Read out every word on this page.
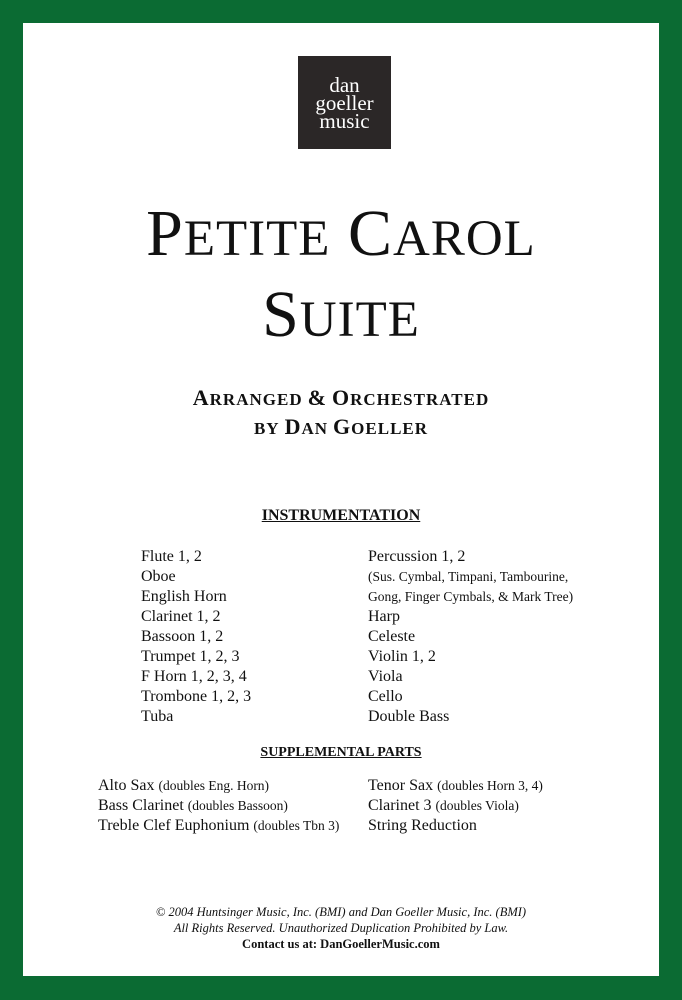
dan
goeller
music
PETITE CAROL
SUITE
ARRANGED & ORCHESTRATED
BY DAN GOELLER
INSTRUMENTATION
Flute 1, 2
Oboe
English Horn
Clarinet 1, 2
Bassoon 1, 2
Trumpet 1, 2, 3
F Horn 1, 2, 3, 4
Trombone 1, 2, 3
Tuba
Percussion 1, 2
(Sus. Cymbal, Timpani, Tambourine,
Gong, Finger Cymbals, & Mark Tree)
Harp
Celeste
Violin 1, 2
Viola
Cello
Double Bass
SUPPLEMENTAL PARTS
Alto Sax (doubles Eng. Horn)
Bass Clarinet (doubles Bassoon)
Treble Clef Euphonium (doubles Tbn 3)
Tenor Sax (doubles Horn 3, 4)
Clarinet 3 (doubles Viola)
String Reduction
© 2004 Huntsinger Music, Inc. (BMI) and Dan Goeller Music, Inc. (BMI)
All Rights Reserved. Unauthorized Duplication Prohibited by Law.
Contact us at: DanGoellerMusic.com
